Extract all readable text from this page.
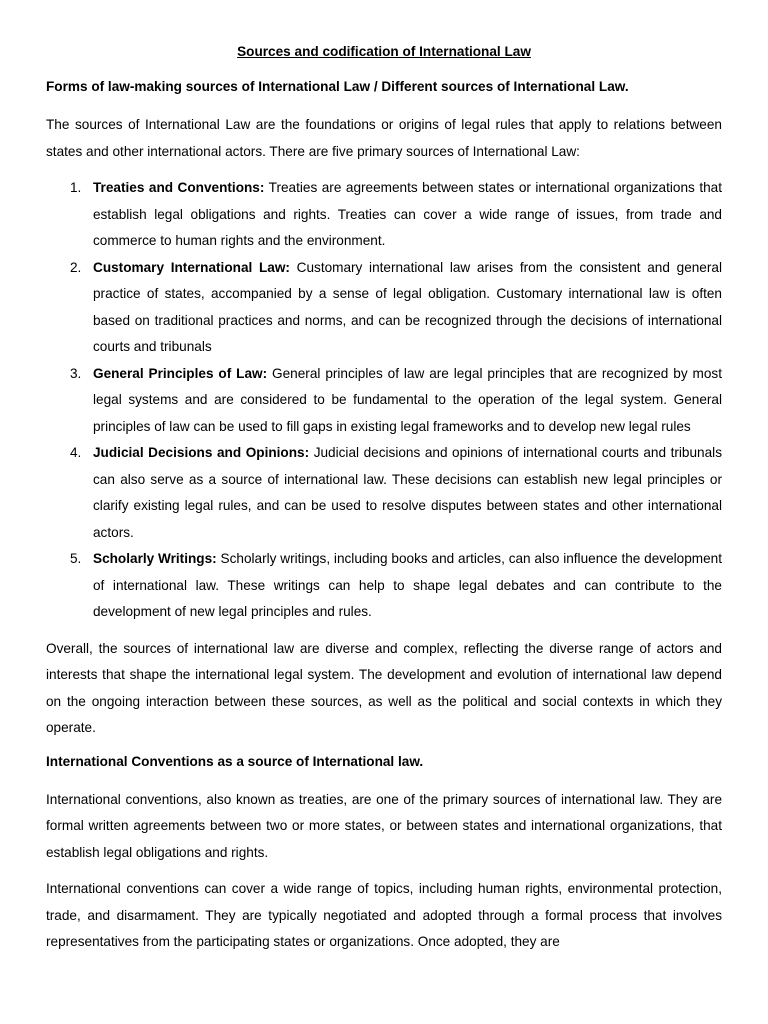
Sources and codification of International Law
Forms of law-making sources of International Law / Different sources of International Law.

The sources of International Law are the foundations or origins of legal rules that apply to relations between states and other international actors. There are five primary sources of International Law:

1. Treaties and Conventions: Treaties are agreements between states or international organizations that establish legal obligations and rights. Treaties can cover a wide range of issues, from trade and commerce to human rights and the environment.
2. Customary International Law: Customary international law arises from the consistent and general practice of states, accompanied by a sense of legal obligation. Customary international law is often based on traditional practices and norms, and can be recognized through the decisions of international courts and tribunals
3. General Principles of Law: General principles of law are legal principles that are recognized by most legal systems and are considered to be fundamental to the operation of the legal system. General principles of law can be used to fill gaps in existing legal frameworks and to develop new legal rules
4. Judicial Decisions and Opinions: Judicial decisions and opinions of international courts and tribunals can also serve as a source of international law. These decisions can establish new legal principles or clarify existing legal rules, and can be used to resolve disputes between states and other international actors.
5. Scholarly Writings: Scholarly writings, including books and articles, can also influence the development of international law. These writings can help to shape legal debates and can contribute to the development of new legal principles and rules.

Overall, the sources of international law are diverse and complex, reflecting the diverse range of actors and interests that shape the international legal system. The development and evolution of international law depend on the ongoing interaction between these sources, as well as the political and social contexts in which they operate.

International Conventions as a source of International law.

International conventions, also known as treaties, are one of the primary sources of international law. They are formal written agreements between two or more states, or between states and international organizations, that establish legal obligations and rights.

International conventions can cover a wide range of topics, including human rights, environmental protection, trade, and disarmament. They are typically negotiated and adopted through a formal process that involves representatives from the participating states or organizations. Once adopted, they are
